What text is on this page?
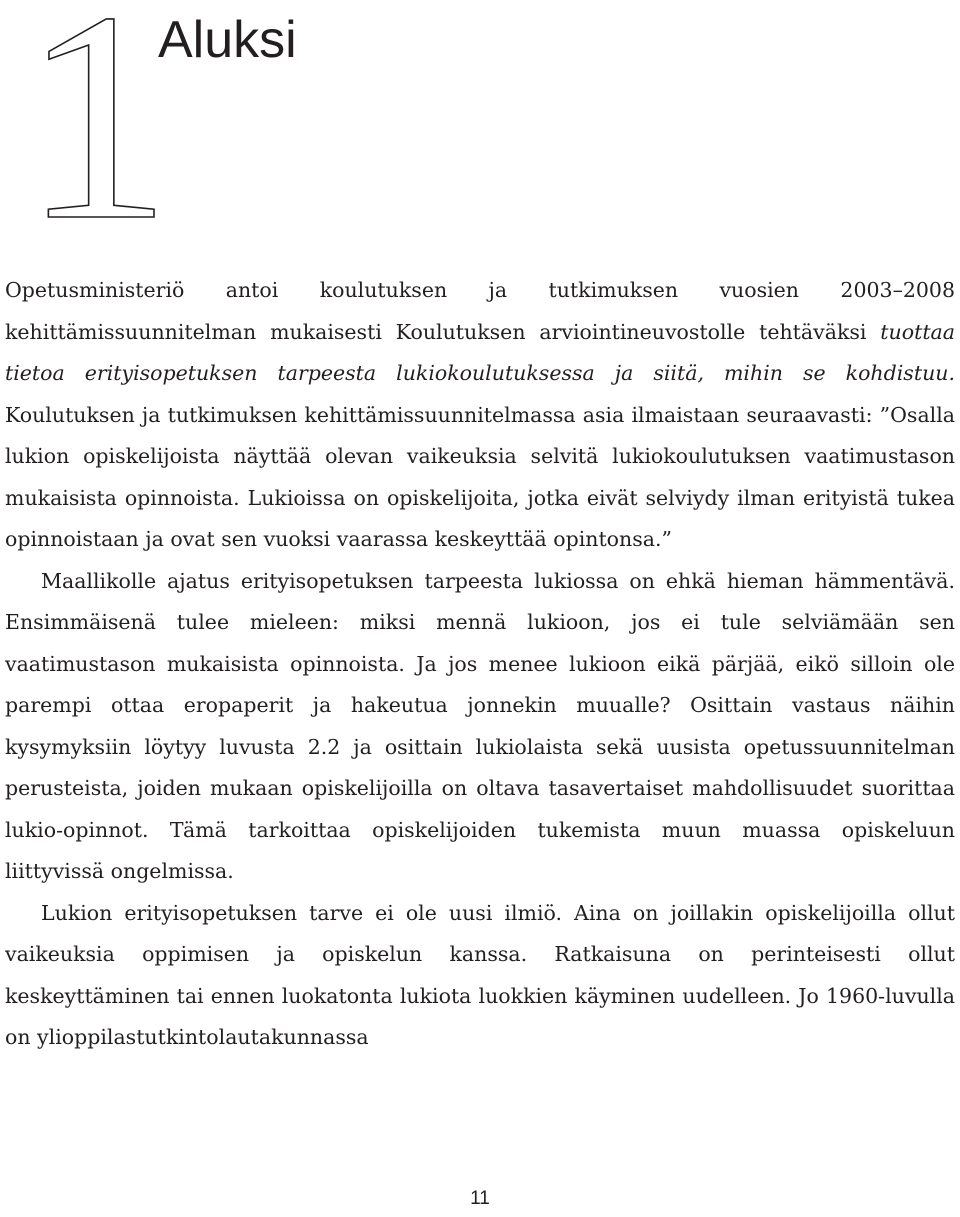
1
Aluksi

Opetusministeriö antoi koulutuksen ja tutkimuksen vuosien 2003–2008 kehittämissuunnitelman mukaisesti Koulutuksen arviointineuvostolle tehtäväksi tuottaa tietoa erityisopetuksen tarpeesta lukiokoulutuksessa ja siitä, mihin se kohdistuu. Koulutuksen ja tutkimuksen kehittämissuunnitelmassa asia ilmaistaan seuraavasti: ”Osalla lukion opiskelijoista näyttää olevan vaikeuksia selvitä lukiokoulutuksen vaatimustason mukaisista opinnoista. Lukioissa on opiskelijoita, jotka eivät selviydy ilman erityistä tukea opinnoistaan ja ovat sen vuoksi vaarassa keskeyttää opintonsa.”

Maallikolle ajatus erityisopetuksen tarpeesta lukiossa on ehkä hieman hämmentävä. Ensimmäisenä tulee mieleen: miksi mennä lukioon, jos ei tule selviämään sen vaatimustason mukaisista opinnoista. Ja jos menee lukioon eikä pärjää, eikö silloin ole parempi ottaa eropaperit ja hakeutua jonnekin muualle? Osittain vastaus näihin kysymyksiin löytyy luvusta 2.2 ja osittain lukiolaista sekä uusista opetussuunnitelman perusteista, joiden mukaan opiskelijoilla on oltava tasavertaiset mahdollisuudet suorittaa lukio-opinnot. Tämä tarkoittaa opiskelijoiden tukemista muun muassa opiskeluun liittyvissä ongelmissa.

Lukion erityisopetuksen tarve ei ole uusi ilmiö. Aina on joillakin opiskelijoilla ollut vaikeuksia oppimisen ja opiskelun kanssa. Ratkaisuna on perinteisesti ollut keskeyttäminen tai ennen luokatonta lukiota luokkien käyminen uudelleen. Jo 1960-luvulla on ylioppilastutkintolautakunnassa

11
